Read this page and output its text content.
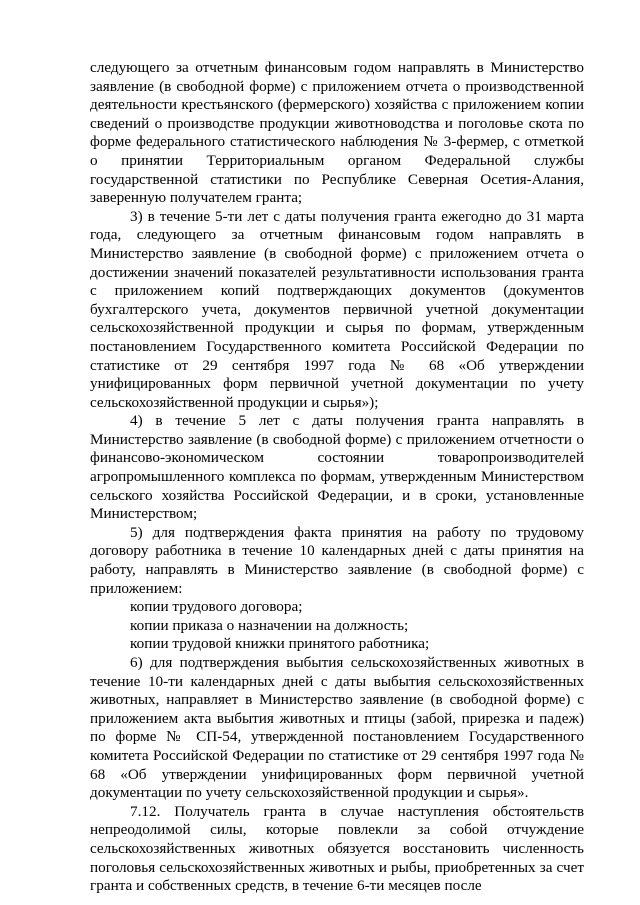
следующего за отчетным финансовым годом направлять в Министерство заявление (в свободной форме) с приложением отчета о производственной деятельности крестьянского (фермерского) хозяйства с приложением копии сведений о производстве продукции животноводства и поголовье скота по форме федерального статистического наблюдения № 3-фермер, с отметкой о принятии Территориальным органом Федеральной службы государственной статистики по Республике Северная Осетия-Алания, заверенную получателем гранта;

3) в течение 5-ти лет с даты получения гранта ежегодно до 31 марта года, следующего за отчетным финансовым годом направлять в Министерство заявление (в свободной форме) с приложением отчета о достижении значений показателей результативности использования гранта с приложением копий подтверждающих документов (документов бухгалтерского учета, документов первичной учетной документации сельскохозяйственной продукции и сырья по формам, утвержденным постановлением Государственного комитета Российской Федерации по статистике от 29 сентября 1997 года № 68 «Об утверждении унифицированных форм первичной учетной документации по учету сельскохозяйственной продукции и сырья»);

4) в течение 5 лет с даты получения гранта направлять в Министерство заявление (в свободной форме) с приложением отчетности о финансово-экономическом состоянии товаропроизводителей агропромышленного комплекса по формам, утвержденным Министерством сельского хозяйства Российской Федерации, и в сроки, установленные Министерством;

5) для подтверждения факта принятия на работу по трудовому договору работника в течение 10 календарных дней с даты принятия на работу, направлять в Министерство заявление (в свободной форме) с приложением:

копии трудового договора;

копии приказа о назначении на должность;

копии трудовой книжки принятого работника;

6) для подтверждения выбытия сельскохозяйственных животных в течение 10-ти календарных дней с даты выбытия сельскохозяйственных животных, направляет в Министерство заявление (в свободной форме) с приложением акта выбытия животных и птицы (забой, прирезка и падеж) по форме № СП-54, утвержденной постановлением Государственного комитета Российской Федерации по статистике от 29 сентября 1997 года № 68 «Об утверждении унифицированных форм первичной учетной документации по учету сельскохозяйственной продукции и сырья».

7.12. Получатель гранта в случае наступления обстоятельств непреодолимой силы, которые повлекли за собой отчуждение сельскохозяйственных животных обязуется восстановить численность поголовья сельскохозяйственных животных и рыбы, приобретенных за счет гранта и собственных средств, в течение 6-ти месяцев после
